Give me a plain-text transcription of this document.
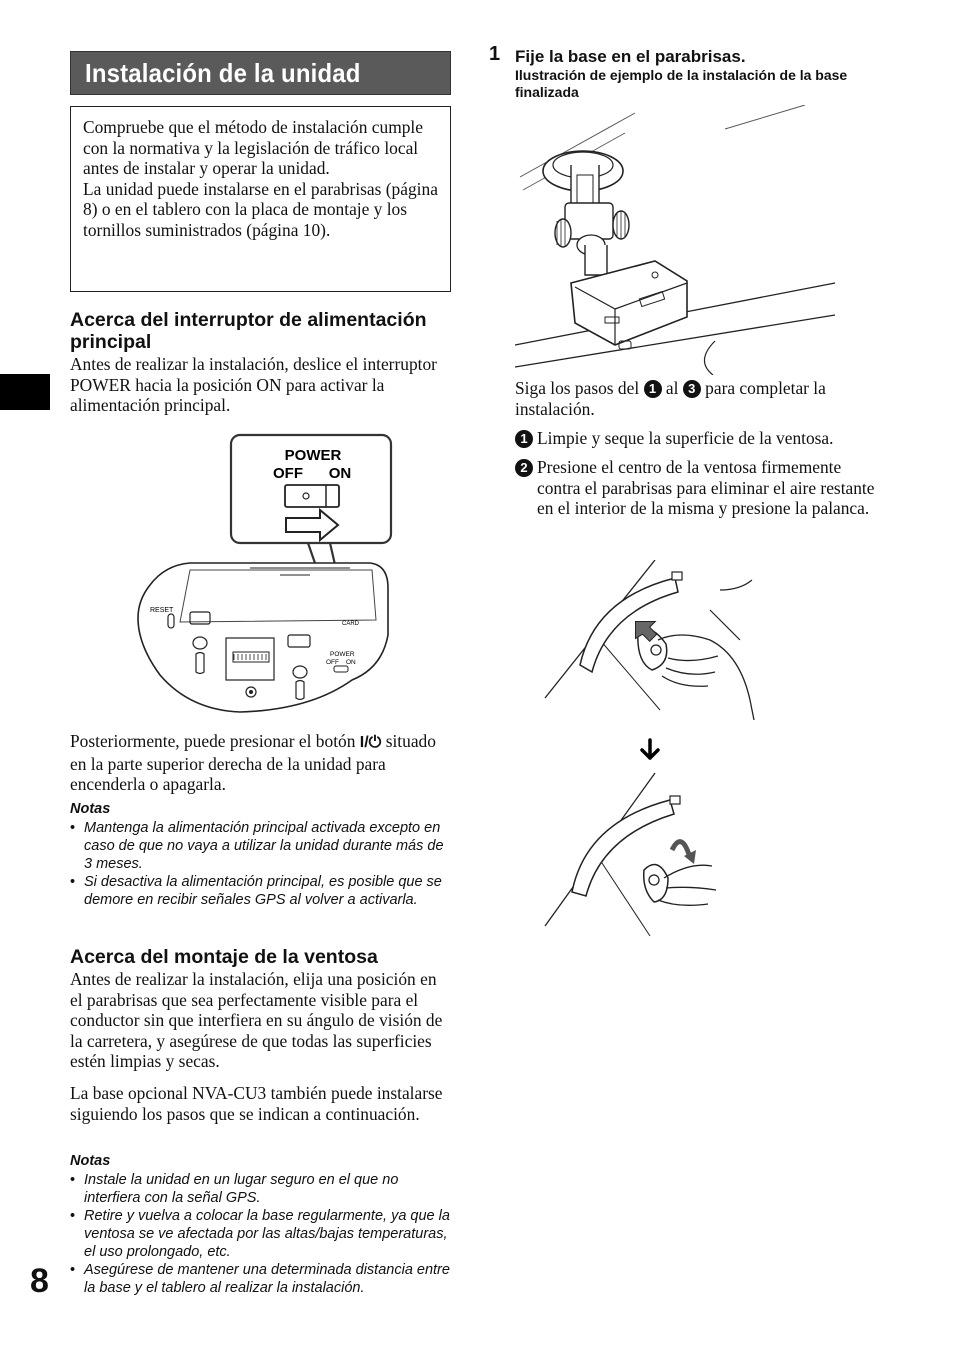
8
Instalación de la unidad

Compruebe que el método de instalación cumple con la normativa y la legislación de tráfico local antes de instalar y operar la unidad.

La unidad puede instalarse en el parabrisas (página 8) o en el tablero con la placa de montaje y los tornillos suministrados (página 10).

Acerca del interruptor de alimentación principal
Antes de realizar la instalación, deslice el interruptor POWER hacia la posición ON para activar la alimentación principal.
POWER
OFF ON
RESET
CARD
POWER
OFF ON
Posteriormente, puede presionar el botón I/⏻ situado en la parte superior derecha de la unidad para encenderla o apagarla.
Notas
• Mantenga la alimentación principal activada excepto en caso de que no vaya a utilizar la unidad durante más de 3 meses.
• Si desactiva la alimentación principal, es posible que se demore en recibir señales GPS al volver a activarla.
Acerca del montaje de la ventosa
Antes de realizar la instalación, elija una posición en el parabrisas que sea perfectamente visible para el conductor sin que interfiera en su ángulo de visión de la carretera, y asegúrese de que todas las superficies estén limpias y secas.
La base opcional NVA-CU3 también puede instalarse siguiendo los pasos que se indican a continuación.
Notas
• Instale la unidad en un lugar seguro en el que no interfiera con la señal GPS.
• Retire y vuelva a colocar la base regularmente, ya que la ventosa se ve afectada por las altas/bajas temperaturas, el uso prolongado, etc.
• Asegúrese de mantener una determinada distancia entre la base y el tablero al realizar la instalación.
1 Fije la base en el parabrisas.
Ilustración de ejemplo de la instalación de la base finalizada
Siga los pasos del 1 al 3 para completar la instalación.
1 Limpie y seque la superficie de la ventosa.
2 Presione el centro de la ventosa firmemente contra el parabrisas para eliminar el aire restante en el interior de la misma y presione la palanca.
